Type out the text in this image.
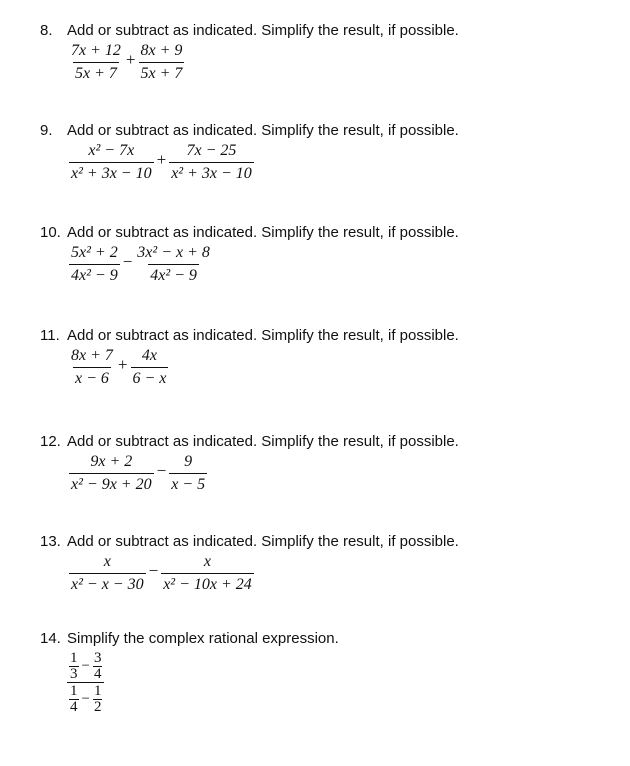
8. Add or subtract as indicated. Simplify the result, if possible.
$\frac{7x + 12}{5x + 7} + \frac{8x + 9}{5x + 7}$
9. Add or subtract as indicated. Simplify the result, if possible.
$\frac{\text{x² − 7x}}{\text{x² + 3x − 10}} + \frac{7x - 25}{\text{x² + 3x − 10}}$
10. Add or subtract as indicated. Simplify the result, if possible.
$\frac{\text{5x² + 2}}{\text{4x² − 9}} - \frac{\text{3x² − x + 8}}{\text{4x² − 9}}$
11. Add or subtract as indicated. Simplify the result, if possible.
$\frac{8x + 7}{x - 6} + \frac{4x}{6 - x}$
12. Add or subtract as indicated. Simplify the result, if possible.
$\frac{9x + 2}{\text{x² − 9x + 20}} - \frac{9}{x - 5}$
13. Add or subtract as indicated. Simplify the result, if possible.
$\frac{x}{\text{x² − x − 30}} - \frac{x}{\text{x² − 10x + 24}}$
14. Simplify the complex rational expression.
$\frac{\frac{1}{3} - \frac{3}{4}}{\frac{1}{4} - \frac{1}{2}}$
